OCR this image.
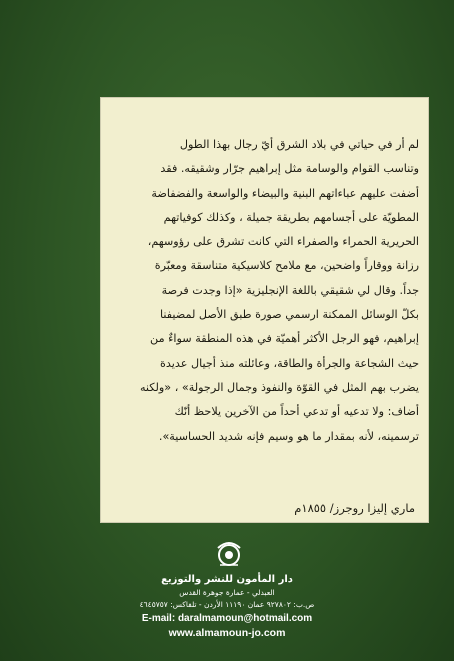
لم أر في حياتي في بلاد الشرق أيّ رجال بهذا الطول
وتناسب القوام والوسامة مثل إبراهيم جرّار وشقيقه. فقد
أضفت عليهم عباءاتهم البنية والبيضاء والواسعة والفضفاضة
المطويّة على أجسامهم بطريقة جميلة ، وكذلك كوفياتهم
الحريرية الحمراء والصفراء التي كانت تشرق على رؤوسهم،
رزانة ووقاراً واضحين، مع ملامح كلاسيكية متناسقة ومعبّرة
جداً. وقال لي شقيقي باللغة الإنجليزية «إذا وجدت فرصة
بكلّ الوسائل الممكنة ارسمي صورة طبق الأصل لمضيفنا
إبراهيم، فهو الرجل الأكثر أهميّة في هذه المنطقة سواءٌ من
حيث الشجاعة والجرأة والطاقة، وعائلته منذ أجيال عديدة
يضرب بهم المثل في القوّة والنفوذ وجمال الرجولة» ، «ولكنه
أضاف: ولا تدعيه أو تدعي أحداً من الآخرين يلاحظ أنّك
ترسمينه، لأنه بمقدار ما هو وسيم فإنه شديد الحساسية».
ماري إليزا روجرز/ ١٨٥٥م
دار المأمون للنشر والتوزيع
العبدلي - عمارة جوهرة القدس
ص.ب: ٩٢٧٨٠٢ عمان ١١١٩٠ الأردن - تلفاكس: ٤٦٤٥٧٥٧
E-mail: daralmamoun@hotmail.com
www.almamoun-jo.com
